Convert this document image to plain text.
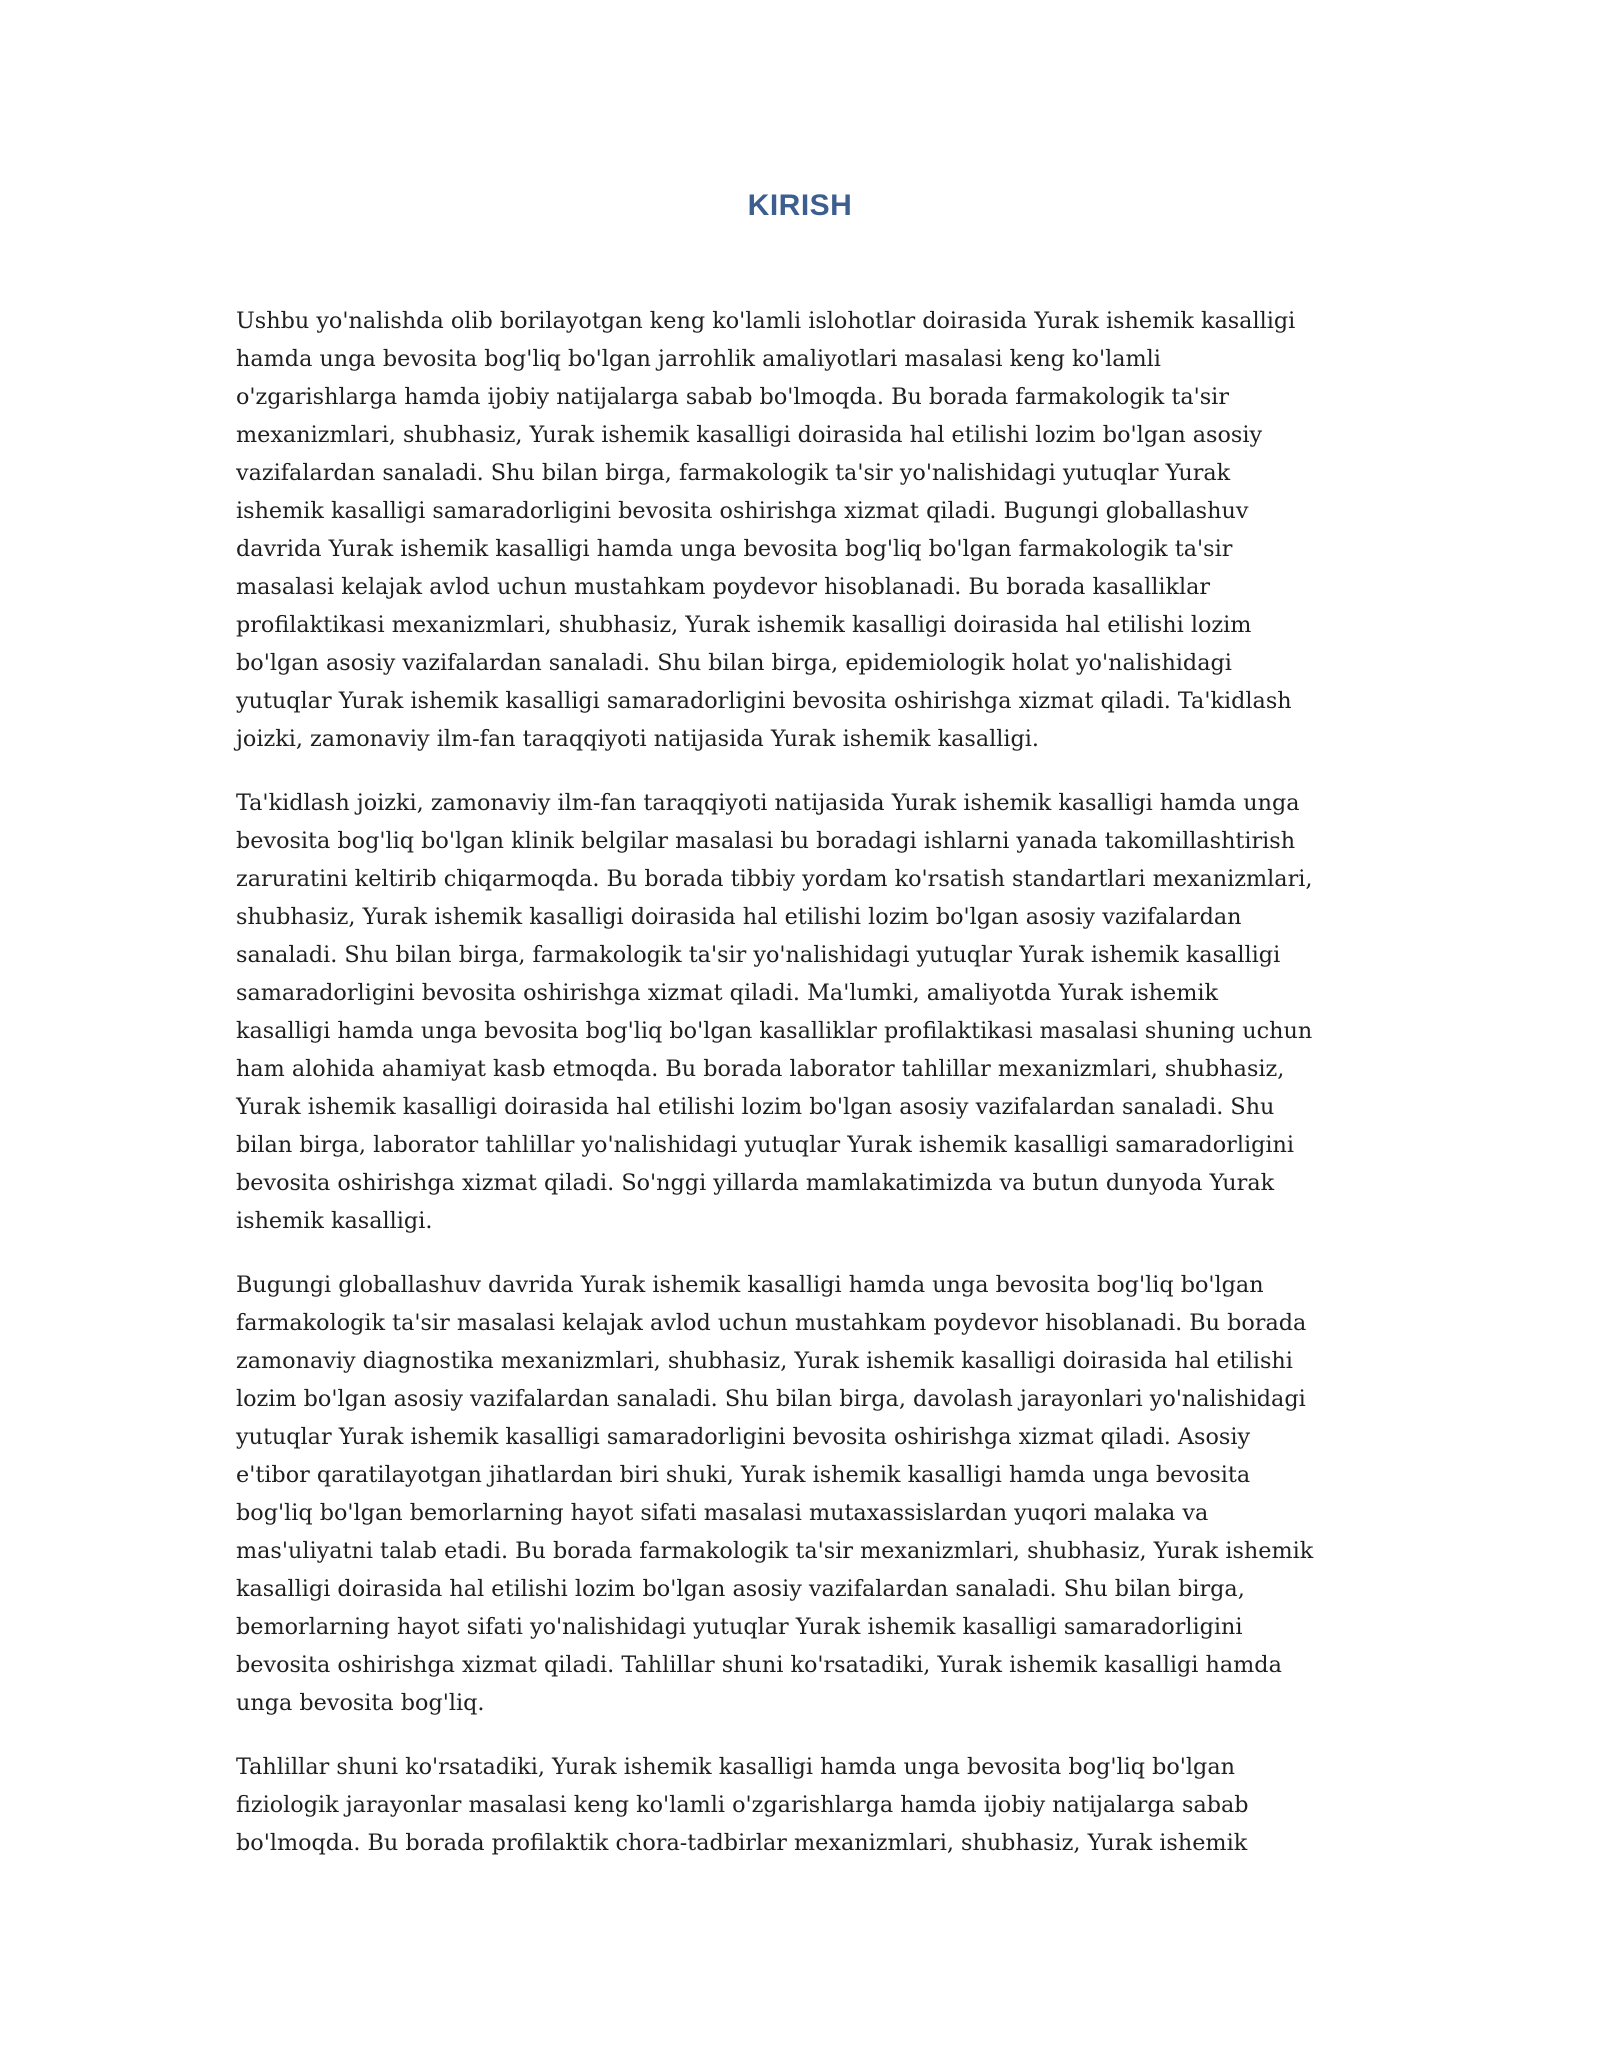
KIRISH

Ushbu yo'nalishda olib borilayotgan keng ko'lamli islohotlar doirasida Yurak ishemik kasalligi
hamda unga bevosita bog'liq bo'lgan jarrohlik amaliyotlari masalasi keng ko'lamli
o'zgarishlarga hamda ijobiy natijalarga sabab bo'lmoqda. Bu borada farmakologik ta'sir
mexanizmlari, shubhasiz, Yurak ishemik kasalligi doirasida hal etilishi lozim bo'lgan asosiy
vazifalardan sanaladi. Shu bilan birga, farmakologik ta'sir yo'nalishidagi yutuqlar Yurak
ishemik kasalligi samaradorligini bevosita oshirishga xizmat qiladi. Bugungi globallashuv
davrida Yurak ishemik kasalligi hamda unga bevosita bog'liq bo'lgan farmakologik ta'sir
masalasi kelajak avlod uchun mustahkam poydevor hisoblanadi. Bu borada kasalliklar
profilaktikasi mexanizmlari, shubhasiz, Yurak ishemik kasalligi doirasida hal etilishi lozim
bo'lgan asosiy vazifalardan sanaladi. Shu bilan birga, epidemiologik holat yo'nalishidagi
yutuqlar Yurak ishemik kasalligi samaradorligini bevosita oshirishga xizmat qiladi. Ta'kidlash
joizki, zamonaviy ilm-fan taraqqiyoti natijasida Yurak ishemik kasalligi.

Ta'kidlash joizki, zamonaviy ilm-fan taraqqiyoti natijasida Yurak ishemik kasalligi hamda unga
bevosita bog'liq bo'lgan klinik belgilar masalasi bu boradagi ishlarni yanada takomillashtirish
zaruratini keltirib chiqarmoqda. Bu borada tibbiy yordam ko'rsatish standartlari mexanizmlari,
shubhasiz, Yurak ishemik kasalligi doirasida hal etilishi lozim bo'lgan asosiy vazifalardan
sanaladi. Shu bilan birga, farmakologik ta'sir yo'nalishidagi yutuqlar Yurak ishemik kasalligi
samaradorligini bevosita oshirishga xizmat qiladi. Ma'lumki, amaliyotda Yurak ishemik
kasalligi hamda unga bevosita bog'liq bo'lgan kasalliklar profilaktikasi masalasi shuning uchun
ham alohida ahamiyat kasb etmoqda. Bu borada laborator tahlillar mexanizmlari, shubhasiz,
Yurak ishemik kasalligi doirasida hal etilishi lozim bo'lgan asosiy vazifalardan sanaladi. Shu
bilan birga, laborator tahlillar yo'nalishidagi yutuqlar Yurak ishemik kasalligi samaradorligini
bevosita oshirishga xizmat qiladi. So'nggi yillarda mamlakatimizda va butun dunyoda Yurak
ishemik kasalligi.

Bugungi globallashuv davrida Yurak ishemik kasalligi hamda unga bevosita bog'liq bo'lgan
farmakologik ta'sir masalasi kelajak avlod uchun mustahkam poydevor hisoblanadi. Bu borada
zamonaviy diagnostika mexanizmlari, shubhasiz, Yurak ishemik kasalligi doirasida hal etilishi
lozim bo'lgan asosiy vazifalardan sanaladi. Shu bilan birga, davolash jarayonlari yo'nalishidagi
yutuqlar Yurak ishemik kasalligi samaradorligini bevosita oshirishga xizmat qiladi. Asosiy
e'tibor qaratilayotgan jihatlardan biri shuki, Yurak ishemik kasalligi hamda unga bevosita
bog'liq bo'lgan bemorlarning hayot sifati masalasi mutaxassislardan yuqori malaka va
mas'uliyatni talab etadi. Bu borada farmakologik ta'sir mexanizmlari, shubhasiz, Yurak ishemik
kasalligi doirasida hal etilishi lozim bo'lgan asosiy vazifalardan sanaladi. Shu bilan birga,
bemorlarning hayot sifati yo'nalishidagi yutuqlar Yurak ishemik kasalligi samaradorligini
bevosita oshirishga xizmat qiladi. Tahlillar shuni ko'rsatadiki, Yurak ishemik kasalligi hamda
unga bevosita bog'liq.

Tahlillar shuni ko'rsatadiki, Yurak ishemik kasalligi hamda unga bevosita bog'liq bo'lgan
fiziologik jarayonlar masalasi keng ko'lamli o'zgarishlarga hamda ijobiy natijalarga sabab
bo'lmoqda. Bu borada profilaktik chora-tadbirlar mexanizmlari, shubhasiz, Yurak ishemik
